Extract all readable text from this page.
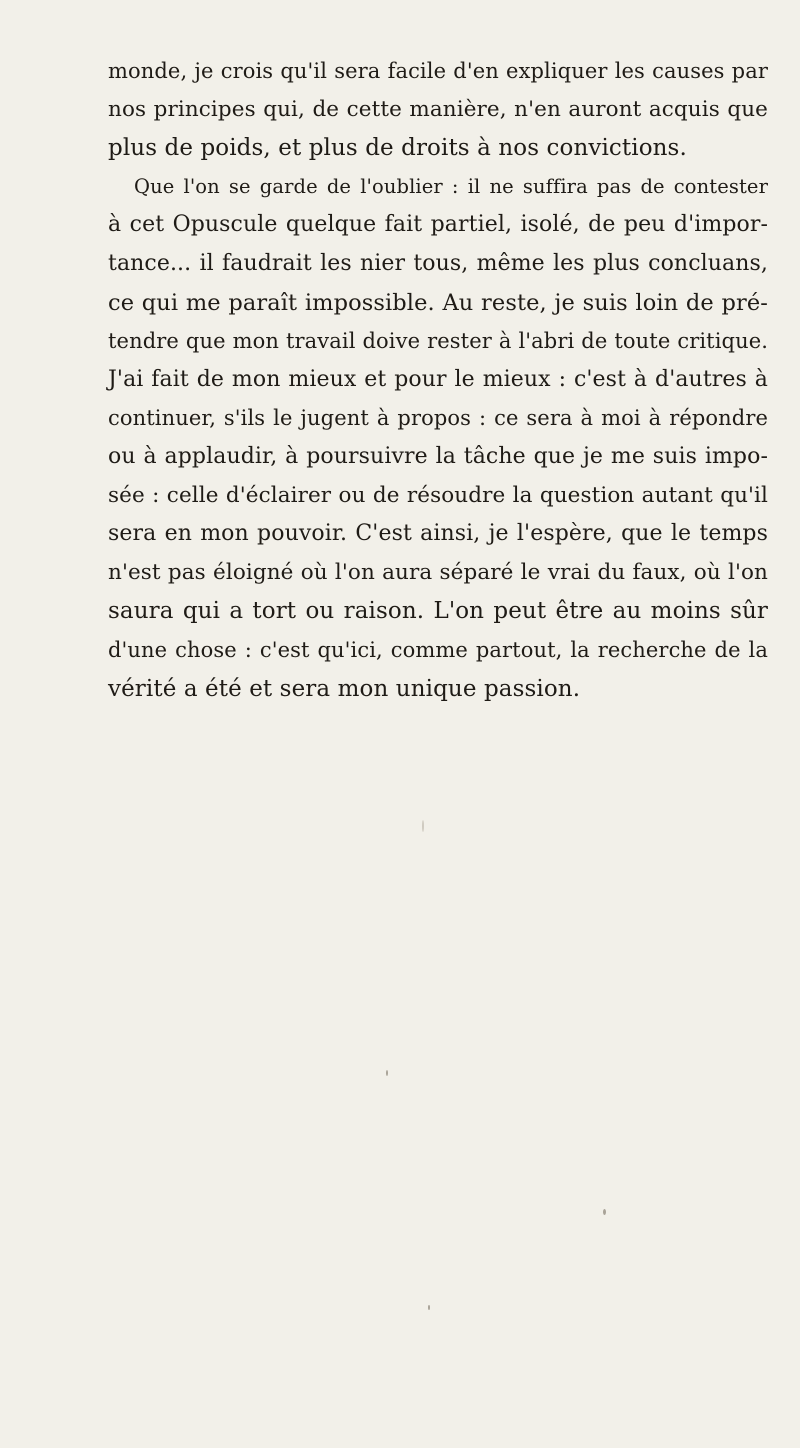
monde, je crois qu'il sera facile d'en expliquer les causes par
nos principes qui, de cette manière, n'en auront acquis que
plus de poids, et plus de droits à nos convictions.
Que l'on se garde de l'oublier : il ne suffira pas de contester
à cet Opuscule quelque fait partiel, isolé, de peu d'impor-
tance... il faudrait les nier tous, même les plus concluans,
ce qui me paraît impossible. Au reste, je suis loin de pré-
tendre que mon travail doive rester à l'abri de toute critique.
J'ai fait de mon mieux et pour le mieux : c'est à d'autres à
continuer, s'ils le jugent à propos : ce sera à moi à répondre
ou à applaudir, à poursuivre la tâche que je me suis impo-
sée : celle d'éclairer ou de résoudre la question autant qu'il
sera en mon pouvoir. C'est ainsi, je l'espère, que le temps
n'est pas éloigné où l'on aura séparé le vrai du faux, où l'on
saura qui a tort ou raison. L'on peut être au moins sûr
d'une chose : c'est qu'ici, comme partout, la recherche de la
vérité a été et sera mon unique passion.
